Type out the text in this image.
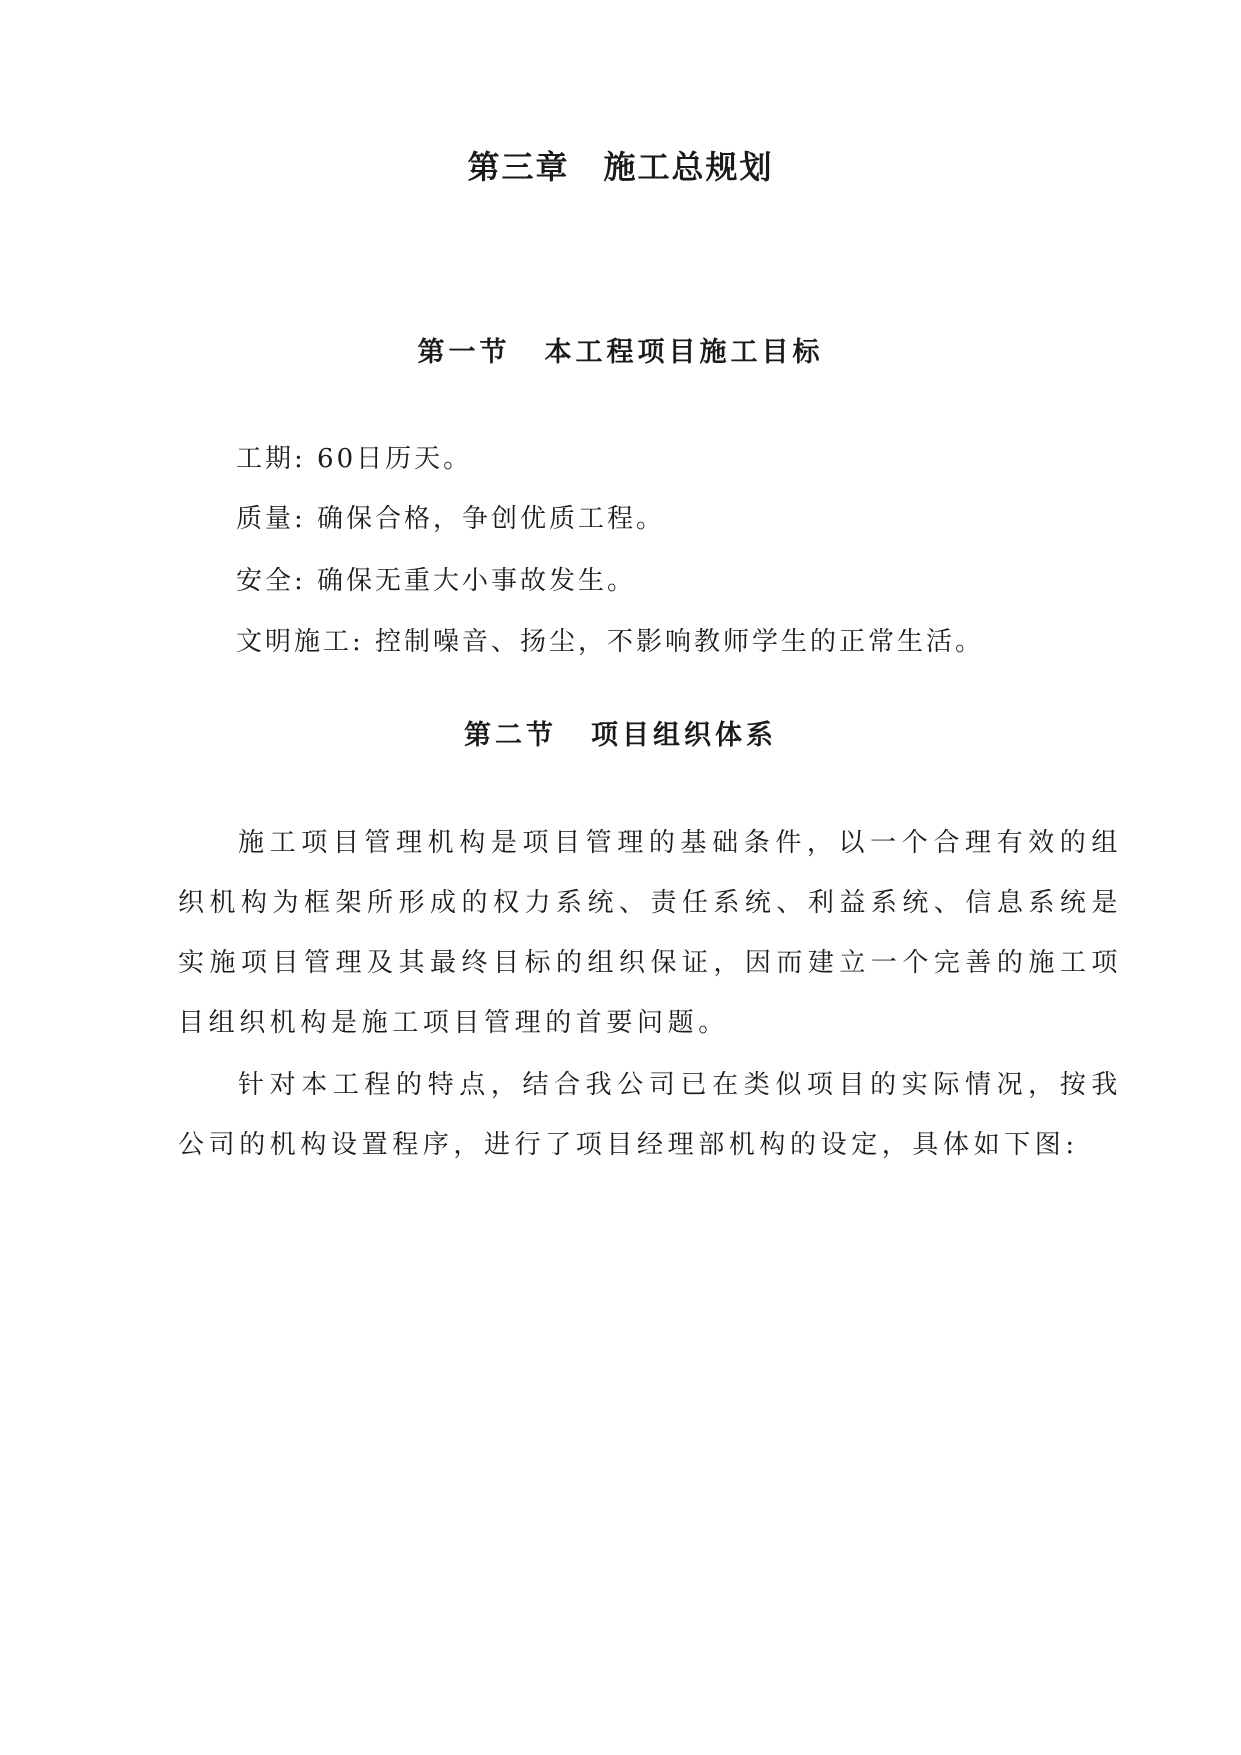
第三章 施工总规划
第一节 本工程项目施工目标

工期: 60日历天。

质量: 确保合格，争创优质工程。

安全: 确保无重大小事故发生。

文明施工: 控制噪音、扬尘，不影响教师学生的正常生活。

第二节 项目组织体系

施工项目管理机构是项目管理的基础条件，以一个合理有效的组织机构为框架所形成的权力系统、责任系统、利益系统、信息系统是实施项目管理及其最终目标的组织保证，因而建立一个完善的施工项目组织机构是施工项目管理的首要问题。

针对本工程的特点，结合我公司已在类似项目的实际情况，按我公司的机构设置程序，进行了项目经理部机构的设定，具体如下图:
